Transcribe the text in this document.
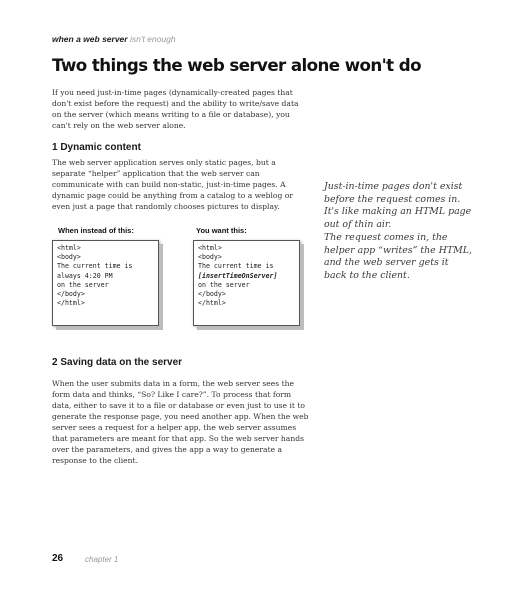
when a web server isn't enough
Two things the web server alone won't do

If you need just-in-time pages (dynamically-created pages that don't exist before the request) and the ability to write/save data on the server (which means writing to a file or database), you can't rely on the web server alone.

1 Dynamic content

The web server application serves only static pages, but a separate “helper” application that the web server can communicate with can build non-static, just-in-time pages. A dynamic page could be anything from a catalog to a weblog or even just a page that randomly chooses pictures to display.

When instead of this:	You want this:
<html>
<body>
The current time is
always 4:20 PM
on the server
</body>
</html>
<html>
<body>
The current time is
[insertTimeOnServer]
on the server
</body>
</html>

Just-in-time pages don't exist before the request comes in. It's like making an HTML page out of thin air.

The request comes in, the helper app “writes” the HTML, and the web server gets it back to the client.

2 Saving data on the server

When the user submits data in a form, the web server sees the form data and thinks, “So? Like I care?”. To process that form data, either to save it to a file or database or even just to use it to generate the response page, you need another app. When the web server sees a request for a helper app, the web server assumes that parameters are meant for that app. So the web server hands over the parameters, and gives the app a way to generate a response to the client.

26	chapter 1
